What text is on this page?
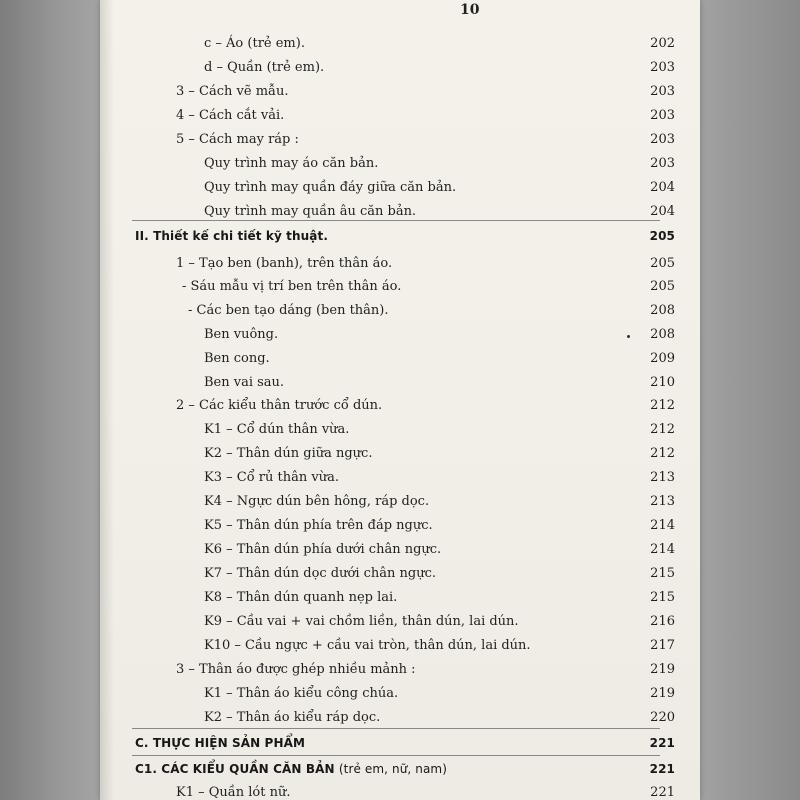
10
c – Áo (trẻ em).	202
d – Quần (trẻ em).	203
3 – Cách vẽ mẫu.	203
4 – Cách cắt vải.	203
5 – Cách may ráp :	203
Quy trình may áo căn bản.	203
Quy trình may quần đáy giữa căn bản.	204
Quy trình may quần âu căn bản.	204
II. Thiết kế chi tiết kỹ thuật.	205
1 – Tạo ben (banh), trên thân áo.	205
- Sáu mẫu vị trí ben trên thân áo.	205
- Các ben tạo dáng (ben thân).	208
Ben vuông.	208
Ben cong.	209
Ben vai sau.	210
2 – Các kiểu thân trước cổ dún.	212
K1 – Cổ dún thân vừa.	212
K2 – Thân dún giữa ngực.	212
K3 – Cổ rủ thân vừa.	213
K4 – Ngực dún bên hông, ráp dọc.	213
K5 – Thân dún phía trên đáp ngực.	214
K6 – Thân dún phía dưới chân ngực.	214
K7 – Thân dún dọc dưới chân ngực.	215
K8 – Thân dún quanh nẹp lai.	215
K9 – Cầu vai + vai chồm liền, thân dún, lai dún.	216
K10 – Cầu ngực + cầu vai tròn, thân dún, lai dún.	217
3 – Thân áo được ghép nhiều mảnh :	219
K1 – Thân áo kiểu công chúa.	219
K2 – Thân áo kiểu ráp dọc.	220
C. THỰC HIỆN SẢN PHẨM	221
C1. CÁC KIỂU QUẦN CĂN BẢN (trẻ em, nữ, nam)	221
K1 – Quần lót nữ.	221
